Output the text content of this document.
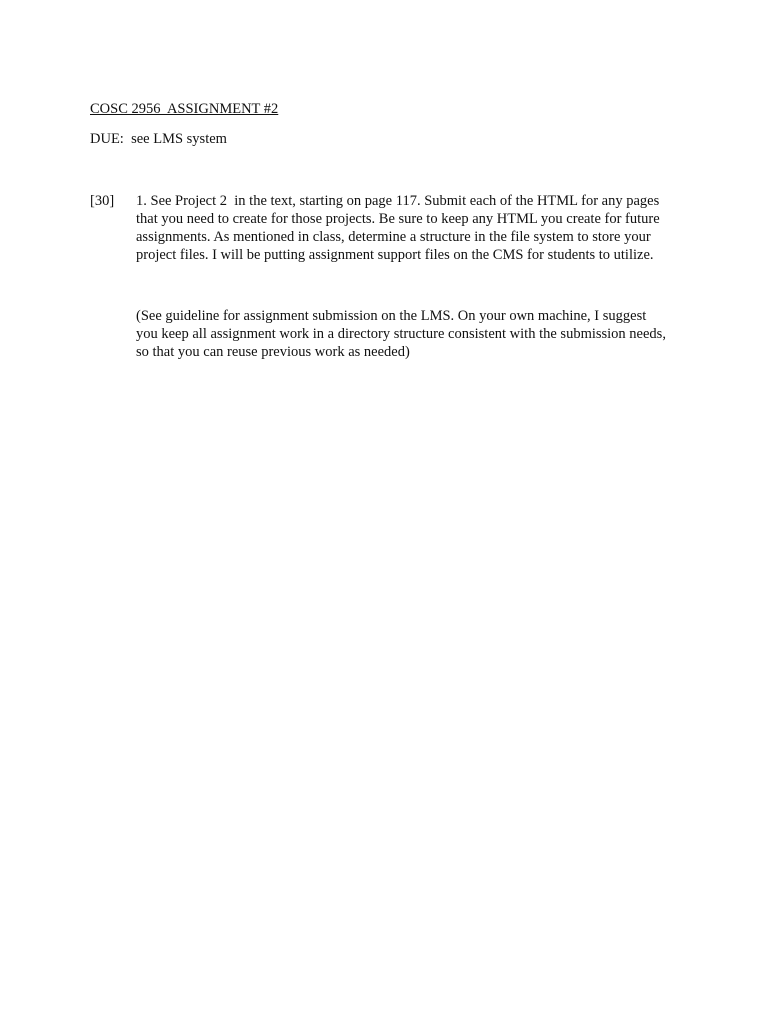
COSC 2956  ASSIGNMENT #2
DUE:  see LMS system
[30] 1. See Project 2  in the text, starting on page 117. Submit each of the HTML for any pages
that you need to create for those projects. Be sure to keep any HTML you create for future
assignments. As mentioned in class, determine a structure in the file system to store your
project files. I will be putting assignment support files on the CMS for students to utilize.
(See guideline for assignment submission on the LMS. On your own machine, I suggest
you keep all assignment work in a directory structure consistent with the submission needs,
so that you can reuse previous work as needed)
